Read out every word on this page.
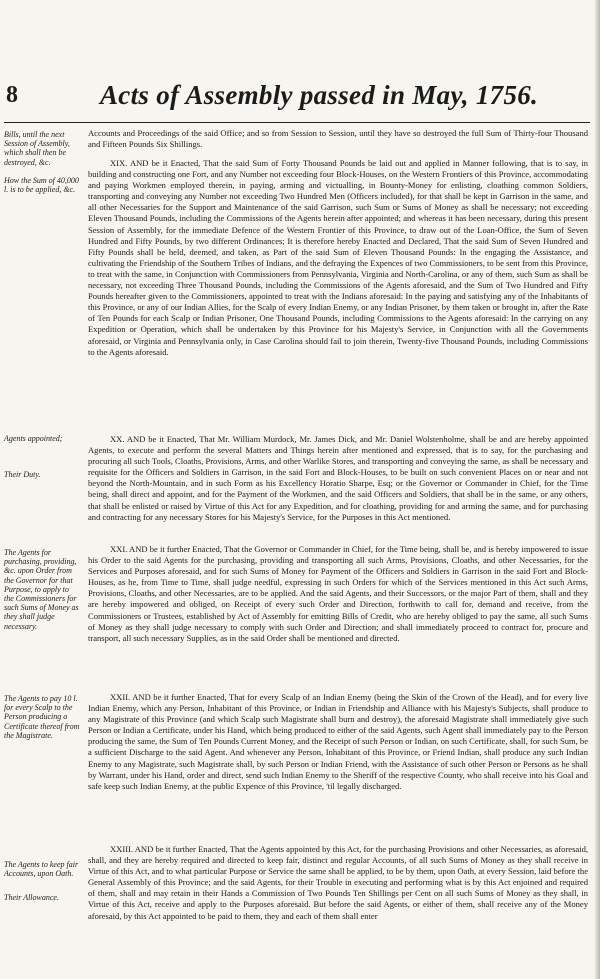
8	Acts of Assembly passed in May, 1756.
Bills, until the next Session of Assembly, which shall then be destroyed, &c.
How the Sum of 40,000 l. is to be applied, &c.
Agents appointed;
Their Duty.
The Agents for purchasing, providing, &c. upon Order from the Governor for that Purpose, to apply to the Commissioners for such Sums of Money as they shall judge necessary.
The Agents to pay 10 l. for every Scalp to the Person producing a Certificate thereof from the Magistrate.
The Agents to keep fair Accounts, upon Oath.
Their Allowance.

Accounts and Proceedings of the said Office; and so from Session to Session, until they have so destroyed the full Sum of Thirty-four Thousand and Fifteen Pounds Six Shillings.

XIX. AND be it Enacted, That the said Sum of Forty Thousand Pounds be laid out and applied in Manner following, that is to say, in building and constructing one Fort, and any Number not exceeding four Block-Houses, on the Western Frontiers of this Province, accommodating and paying Workmen employed therein, in paying, arming and victualling, in Bounty-Money for enlisting, cloathing common Soldiers, transporting and conveying any Number not exceeding Two Hundred Men (Officers included), for that shall be kept in Garrison in the same, and all other Necessaries for the Support and Maintenance of the said Garrison, such Sum or Sums of Money as shall be necessary; not exceeding Eleven Thousand Pounds, including the Commissions of the Agents herein after appointed; and whereas it has been necessary, during this present Session of Assembly, for the immediate Defence of the Western Frontier of this Province, to draw out of the Loan-Office, the Sum of Seven Hundred and Fifty Pounds, by two different Ordinances; It is therefore hereby Enacted and Declared, That the said Sum of Seven Hundred and Fifty Pounds shall be held, deemed, and taken, as Part of the said Sum of Eleven Thousand Pounds: In the engaging the Assistance, and cultivating the Friendship of the Southern Tribes of Indians, and the defraying the Expences of two Commissioners, to be sent from this Province, to treat with the same, in Conjunction with Commissioners from Pennsylvania, Virginia and North-Carolina, or any of them, such Sum as shall be necessary, not exceeding Three Thousand Pounds, including the Commissions of the Agents aforesaid, and the Sum of Two Hundred and Fifty Pounds hereafter given to the Commissioners, appointed to treat with the Indians aforesaid: In the paying and satisfying any of the Inhabitants of this Province, or any of our Indian Allies, for the Scalp of every Indian Enemy, or any Indian Prisoner, by them taken or brought in, after the Rate of Ten Pounds for each Scalp or Indian Prisoner, One Thousand Pounds, including Commissions to the Agents aforesaid: In the carrying on any Expedition or Operation, which shall be undertaken by this Province for his Majesty's Service, in Conjunction with all the Governments aforesaid, or Virginia and Pennsylvania only, in Case Carolina should fail to join therein, Twenty-five Thousand Pounds, including Commissions to the Agents aforesaid.

XX. AND be it Enacted, That Mr. William Murdock, Mr. James Dick, and Mr. Daniel Wolstenholme, shall be and are hereby appointed Agents, to execute and perform the several Matters and Things herein after mentioned and expressed, that is to say, for the purchasing and procuring all such Tools, Cloaths, Provisions, Arms, and other Warlike Stores, and transporting and conveying the same, as shall be necessary and requisite for the Officers and Soldiers in Garrison, in the said Fort and Block-Houses, to be built on such convenient Places on or near and not beyond the North-Mountain, and in such Form as his Excellency Horatio Sharpe, Esq; or the Governor or Commander in Chief, for the Time being, shall direct and appoint, and for the Payment of the Workmen, and the said Officers and Soldiers, that shall be in the same, or any others, that shall be enlisted or raised by Virtue of this Act for any Expedition, and for cloathing, providing for and arming the same, and for purchasing and contracting for any necessary Stores for his Majesty's Service, for the Purposes in this Act mentioned.

XXI. AND be it further Enacted, That the Governor or Commander in Chief, for the Time being, shall be, and is hereby impowered to issue his Order to the said Agents for the purchasing, providing and transporting all such Arms, Provisions, Cloaths, and other Necessaries, for the Services and Purposes aforesaid, and for such Sums of Money for Payment of the Officers and Soldiers in Garrison in the said Fort and Block-Houses, as he, from Time to Time, shall judge needful, expressing in such Orders for which of the Services mentioned in this Act such Arms, Provisions, Cloaths, and other Necessaries, are to be applied. And the said Agents, and their Successors, or the major Part of them, shall and they are hereby impowered and obliged, on Receipt of every such Order and Direction, forthwith to call for, demand and receive, from the Commissioners or Trustees, established by Act of Assembly for emitting Bills of Credit, who are hereby obliged to pay the same, all such Sums of Money as they shall judge necessary to comply with such Order and Direction; and shall immediately proceed to contract for, procure and transport, all such necessary Supplies, as in the said Order shall be mentioned and directed.

XXII. AND be it further Enacted, That for every Scalp of an Indian Enemy (being the Skin of the Crown of the Head), and for every live Indian Enemy, which any Person, Inhabitant of this Province, or Indian in Friendship and Alliance with his Majesty's Subjects, shall produce to any Magistrate of this Province (and which Scalp such Magistrate shall burn and destroy), the aforesaid Magistrate shall immediately give such Person or Indian a Certificate, under his Hand, which being produced to either of the said Agents, such Agent shall immediately pay to the Person producing the same, the Sum of Ten Pounds Current Money, and the Receipt of such Person or Indian, on such Certificate, shall, for such Sum, be a sufficient Discharge to the said Agent. And whenever any Person, Inhabitant of this Province, or Friend Indian, shall produce any such Indian Enemy to any Magistrate, such Magistrate shall, by such Person or Indian Friend, with the Assistance of such other Person or Persons as he shall by Warrant, under his Hand, order and direct, send such Indian Enemy to the Sheriff of the respective County, who shall receive into his Goal and safe keep such Indian Enemy, at the public Expence of this Province, 'til legally discharged.

XXIII. AND be it further Enacted, That the Agents appointed by this Act, for the purchasing Provisions and other Necessaries, as aforesaid, shall, and they are hereby required and directed to keep fair, distinct and regular Accounts, of all such Sums of Money as they shall receive in Virtue of this Act, and to what particular Purpose or Service the same shall be applied, to be by them, upon Oath, at every Session, laid before the General Assembly of this Province; and the said Agents, for their Trouble in executing and performing what is by this Act enjoined and required of them, shall and may retain in their Hands a Commission of Two Pounds Ten Shillings per Cent on all such Sums of Money as they shall, in Virtue of this Act, receive and apply to the Purposes aforesaid. But before the said Agents, or either of them, shall receive any of the Money aforesaid, by this Act appointed to be paid to them, they and each of them shall enter
